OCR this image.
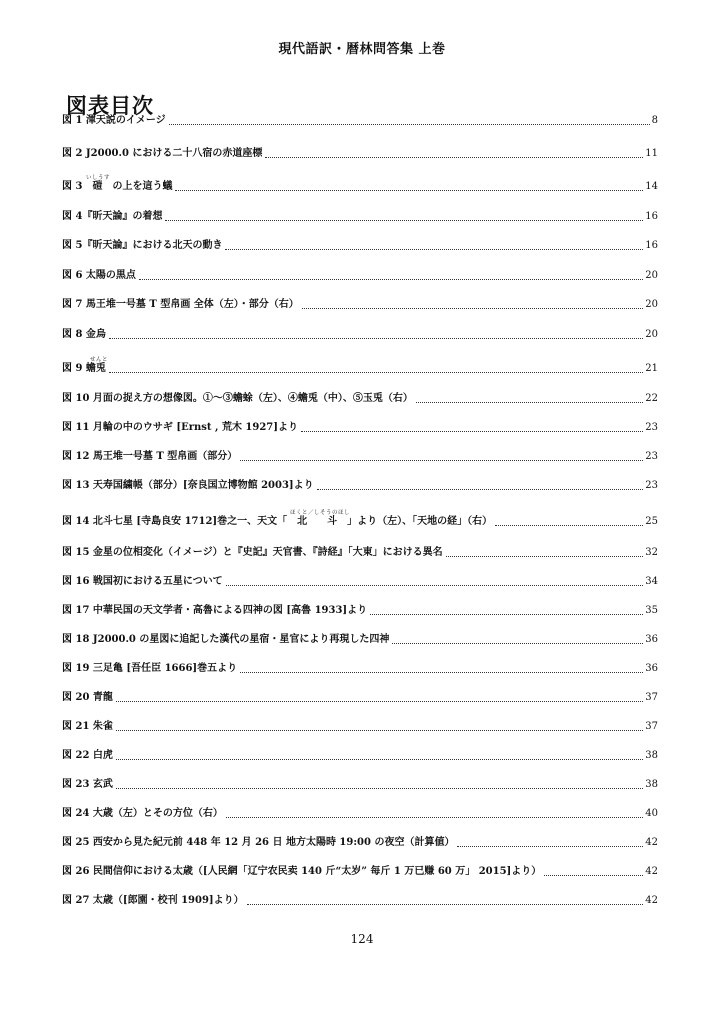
現代語訳・暦林問答集 上巻
図表目次
図 1 渾天説のイメージ	8
図 2 J2000.0 における二十八宿の赤道座標	11
いしうす
図 3　磑　の上を這う蟻	14
図 4『昕天論』の着想	16
図 5『昕天論』における北天の動き	16
図 6 太陽の黒点	20
図 7 馬王堆一号墓 T 型帛画 全体（左）・部分（右）	20
図 8 金烏	20
せんと
図 9 蟾兎	21
図 10 月面の捉え方の想像図。①～③蟾蜍（左）、④蟾兎（中）、⑤玉兎（右）	22
図 11 月輪の中のウサギ [Ernst , 荒木 1927]より	23
図 12 馬王堆一号墓 T 型帛画（部分）	23
図 13 天寿国繍帳（部分）[奈良国立博物館 2003]より	23
ほくと／しそうのほし
図 14 北斗七星 [寺島良安 1712]巻之一、天文「　北　　斗　」より（左）、「天地の経」（右）	25
図 15 金星の位相変化（イメージ）と『史記』天官書、『詩経』「大東」における異名	32
図 16 戦国初における五星について	34
図 17 中華民国の天文学者・高魯による四神の図 [高魯 1933]より	35
図 18 J2000.0 の星図に追記した漢代の星宿・星官により再現した四神	36
図 19 三足亀 [吾任臣 1666]巻五より	36
図 20 青龍	37
図 21 朱雀	37
図 22 白虎	38
図 23 玄武	38
図 24 大歳（左）とその方位（右）	40
図 25 西安から見た紀元前 448 年 12 月 26 日 地方太陽時 19:00 の夜空（計算値）	42
図 26 民間信仰における太歳（[人民網「辽宁农民卖 140 斤“太岁” 每斤 1 万已赚 60 万」 2015]より）	42
図 27 太歳（[郎園・校刊 1909]より）	42
124
